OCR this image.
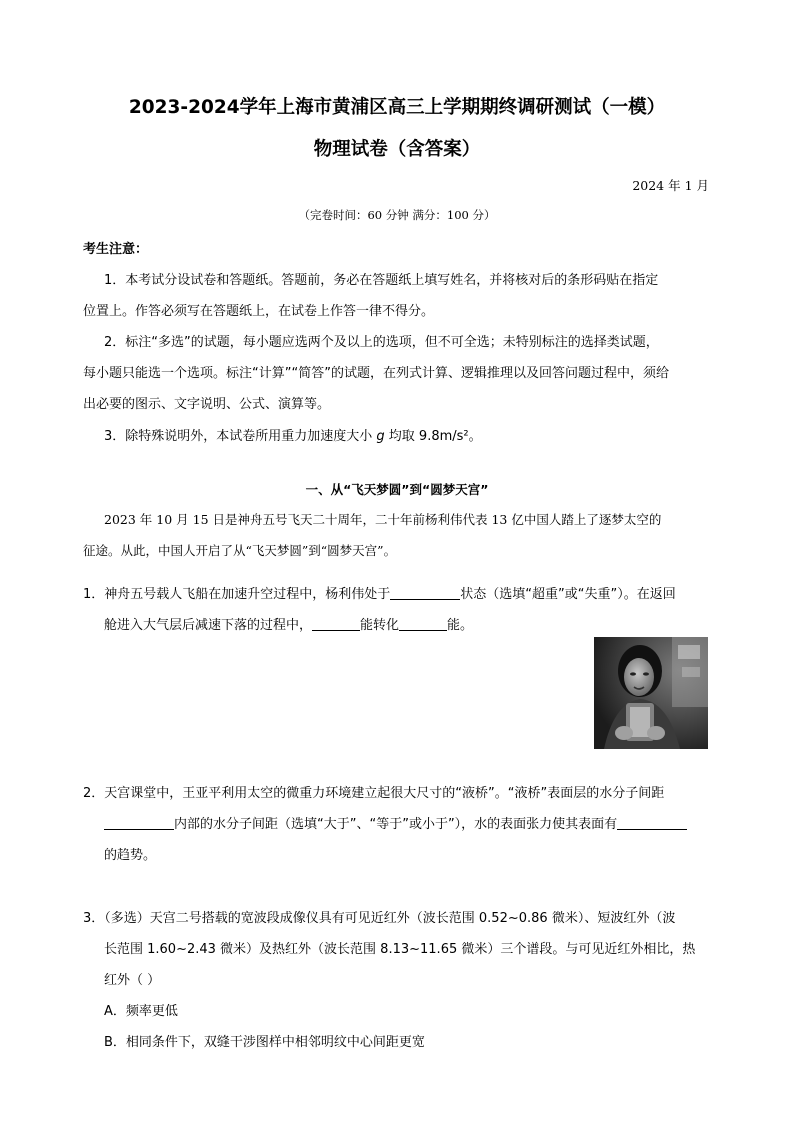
2023-2024学年上海市黄浦区高三上学期期终调研测试（一模）
物理试卷（含答案）
2024 年 1 月
（完卷时间：60 分钟 满分：100 分）
考生注意：
1．本考试分设试卷和答题纸。答题前，务必在答题纸上填写姓名，并将核对后的条形码贴在指定
位置上。作答必须写在答题纸上，在试卷上作答一律不得分。
2．标注“多选”的试题，每小题应选两个及以上的选项，但不可全选；未特别标注的选择类试题，
每小题只能选一个选项。标注“计算”“简答”的试题，在列式计算、逻辑推理以及回答问题过程中，须给
出必要的图示、文字说明、公式、演算等。
3．除特殊说明外，本试卷所用重力加速度大小 g 均取 9.8m/s²。
一、从“飞天梦圆”到“圆梦天宫”
2023 年 10 月 15 日是神舟五号飞天二十周年，二十年前杨利伟代表 13 亿中国人踏上了逐梦太空的
征途。从此，中国人开启了从“飞天梦圆”到“圆梦天宫”。
1．神舟五号载人飞船在加速升空过程中，杨利伟处于	状态（选填“超重”或“失重”）。在返回
舱进入大气层后减速下落的过程中，	能转化	能。
2．天宫课堂中，王亚平利用太空的微重力环境建立起很大尺寸的“液桥”。“液桥”表面层的水分子间距
内部的水分子间距（选填“大于”、“等于”或小于”），水的表面张力使其表面有
的趋势。
3．（多选）天宫二号搭载的宽波段成像仪具有可见近红外（波长范围 0.52~0.86 微米）、短波红外（波
长范围 1.60~2.43 微米）及热红外（波长范围 8.13~11.65 微米）三个谱段。与可见近红外相比，热
红外（ ）
A．频率更低
B．相同条件下，双缝干涉图样中相邻明纹中心间距更宽
